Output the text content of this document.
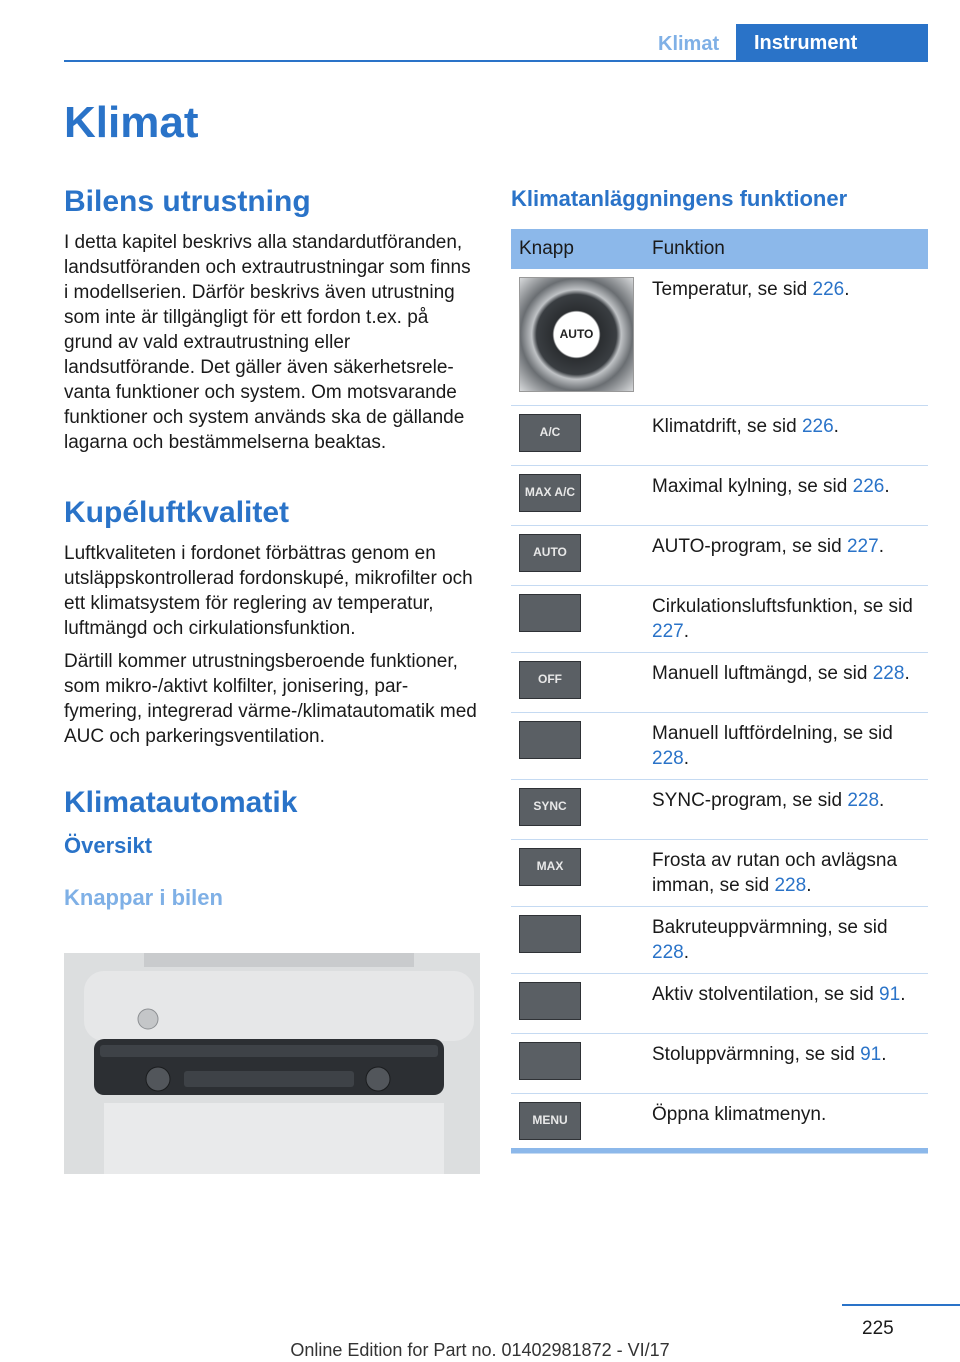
Klimat	Instrument
Klimat
Bilens utrustning

I detta kapitel beskrivs alla standardutföranden, landsutföranden och extrautrustningar som finns i modellserien. Därför beskrivs även utrustning som inte är tillgängligt för ett fordon t.ex. på grund av vald extrautrustning eller landsutförande. Det gäller även säkerhetsrelevanta funktioner och system. Om motsvarande funktioner och system används ska de gällande lagarna och bestämmelserna beaktas.

Kupéluftkvalitet

Luftkvaliteten i fordonet förbättras genom en utsläppskontrollerad fordonskupé, mikrofilter och ett klimatsystem för reglering av temperatur, luftmängd och cirkulationsfunktion.

Därtill kommer utrustningsberoende funktioner, som mikro-/aktivt kolfilter, jonisering, parfymering, integrerad värme-/klimatautomatik med AUC och parkeringsventilation.

Klimatautomatik
Översikt
Knappar i bilen
Klimatanläggningens funktioner
Knapp	Funktion

AUTO	Temperatur, se sid 226.

A/C	Klimatdrift, se sid 226.

MAX A/C	Maximal kylning, se sid 226.

AUTO	AUTO-program, se sid 227.

	Cirkulationsluftsfunktion, se sid 227.

OFF	Manuell luftmängd, se sid 228.

	Manuell luftfördelning, se sid 228.

SYNC	SYNC-program, se sid 228.

MAX	Frosta av rutan och avlägsna imman, se sid 228.

	Bakruteuppvärmning, se sid 228.

	Aktiv stolventilation, se sid 91.

	Stoluppvärmning, se sid 91.

MENU	Öppna klimatmenyn.
225
Online Edition for Part no. 01402981872 - VI/17
